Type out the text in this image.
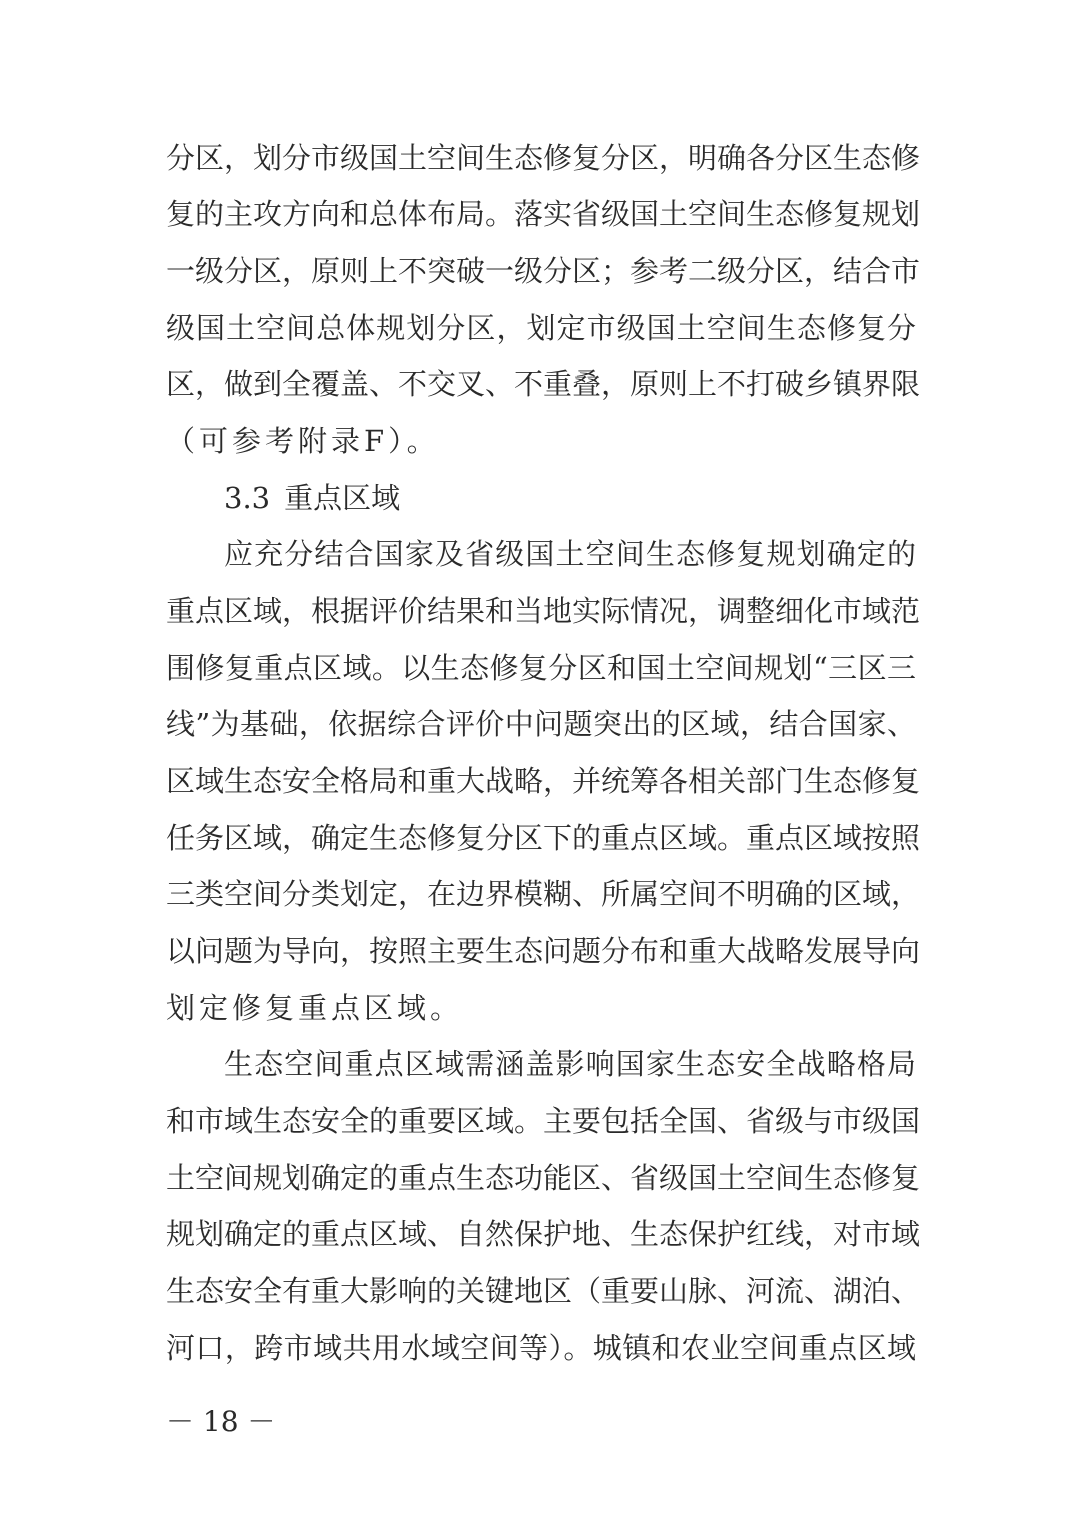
分区，划分市级国土空间生态修复分区，明确各分区生态修
复的主攻方向和总体布局。落实省级国土空间生态修复规划
一级分区，原则上不突破一级分区；参考二级分区，结合市
级国土空间总体规划分区，划定市级国土空间生态修复分
区，做到全覆盖、不交叉、不重叠，原则上不打破乡镇界限
（可参考附录F）。
3.3 重点区域
应充分结合国家及省级国土空间生态修复规划确定的
重点区域，根据评价结果和当地实际情况，调整细化市域范
围修复重点区域。以生态修复分区和国土空间规划“三区三
线”为基础，依据综合评价中问题突出的区域，结合国家、
区域生态安全格局和重大战略，并统筹各相关部门生态修复
任务区域，确定生态修复分区下的重点区域。重点区域按照
三类空间分类划定，在边界模糊、所属空间不明确的区域，
以问题为导向，按照主要生态问题分布和重大战略发展导向
划定修复重点区域。
生态空间重点区域需涵盖影响国家生态安全战略格局
和市域生态安全的重要区域。主要包括全国、省级与市级国
土空间规划确定的重点生态功能区、省级国土空间生态修复
规划确定的重点区域、自然保护地、生态保护红线，对市域
生态安全有重大影响的关键地区（重要山脉、河流、湖泊、
河口，跨市域共用水域空间等）。城镇和农业空间重点区域
－ 18 －
